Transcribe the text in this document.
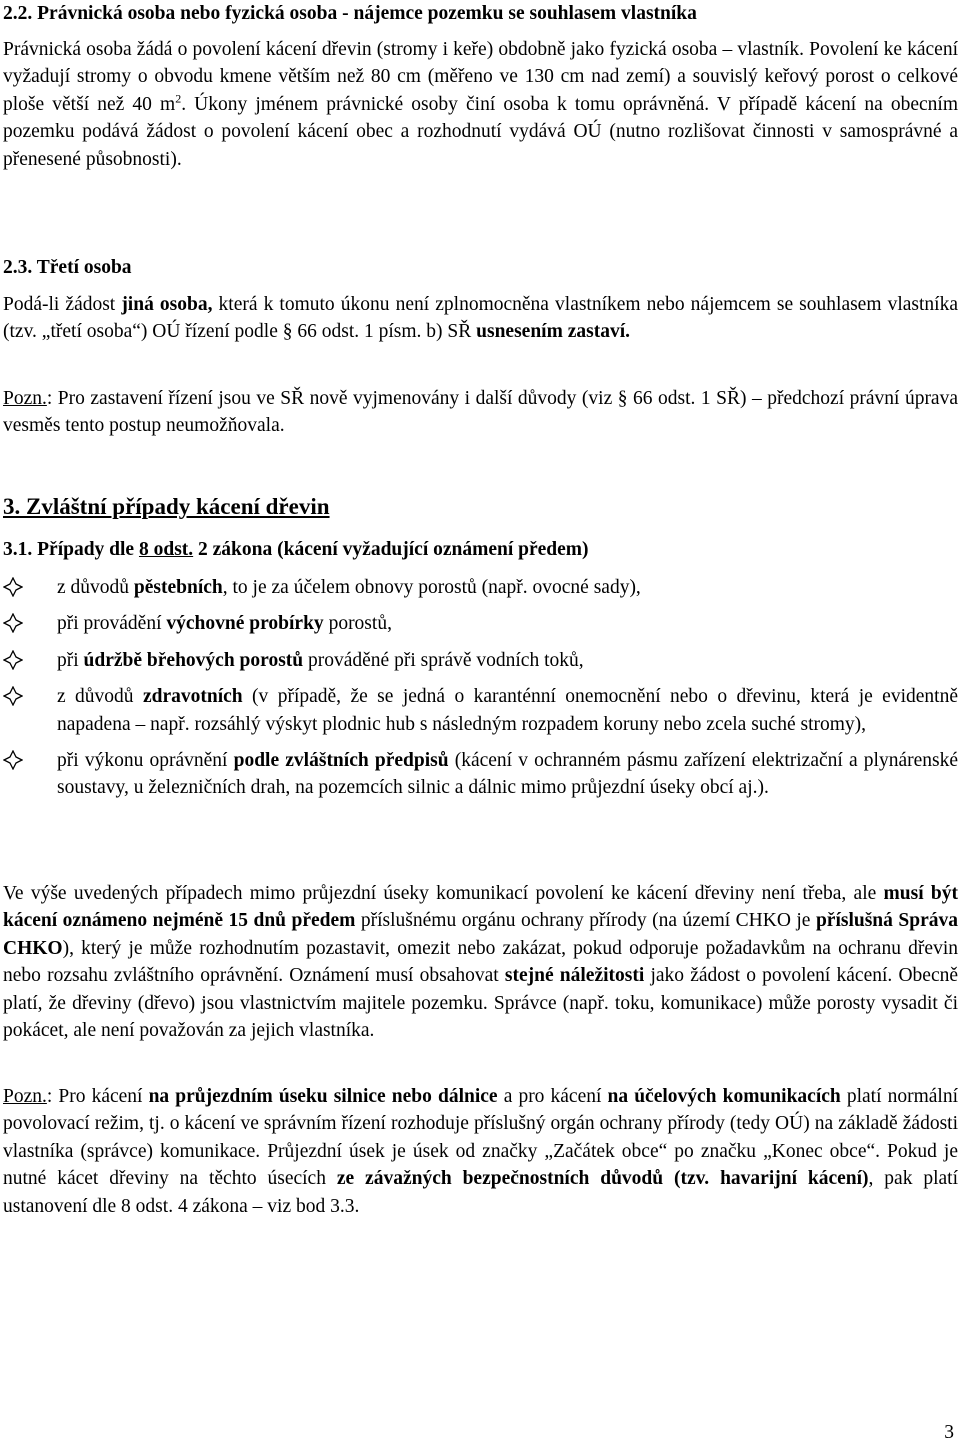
2.2. Právnická osoba nebo fyzická osoba - nájemce pozemku se souhlasem vlastníka

Právnická osoba žádá o povolení kácení dřevin (stromy i keře) obdobně jako fyzická osoba – vlastník. Povolení ke kácení vyžadují stromy o obvodu kmene větším než 80 cm (měřeno ve 130 cm nad zemí) a souvislý keřový porost o celkové ploše větší než 40 $m^2$. Úkony jménem právnické osoby činí osoba k tomu oprávněná. V případě kácení na obecním pozemku podává žádost o povolení kácení obec a rozhodnutí vydává OÚ (nutno rozlišovat činnosti v samosprávné a přenesené působnosti).

2.3. Třetí osoba

Podá-li žádost jiná osoba, která k tomuto úkonu není zplnomocněna vlastníkem nebo nájemcem se souhlasem vlastníka (tzv. „třetí osoba“) OÚ řízení podle § 66 odst. 1 písm. b) SŘ usnesením zastaví.

Pozn.: Pro zastavení řízení jsou ve SŘ nově vyjmenovány i další důvody (viz § 66 odst. 1 SŘ) – předchozí právní úprava vesměs tento postup neumožňovala.

3. Zvláštní případy kácení dřevin
3.1. Případy dle 8 odst. 2 zákona (kácení vyžadující oznámení předem)
z důvodů pěstebních, to je za účelem obnovy porostů (např. ovocné sady),
při provádění výchovné probírky porostů,
při údržbě břehových porostů prováděné při správě vodních toků,
z důvodů zdravotních (v případě, že se jedná o karanténní onemocnění nebo o dřevinu, která je evidentně napadena – např. rozsáhlý výskyt plodnic hub s následným rozpadem koruny nebo zcela suché stromy),
při výkonu oprávnění podle zvláštních předpisů (kácení v ochranném pásmu zařízení elektrizační a plynárenské soustavy, u železničních drah, na pozemcích silnic a dálnic mimo průjezdní úseky obcí aj.).

Ve výše uvedených případech mimo průjezdní úseky komunikací povolení ke kácení dřeviny není třeba, ale musí být kácení oznámeno nejméně 15 dnů předem příslušnému orgánu ochrany přírody (na území CHKO je příslušná Správa CHKO), který je může rozhodnutím pozastavit, omezit nebo zakázat, pokud odporuje požadavkům na ochranu dřevin nebo rozsahu zvláštního oprávnění. Oznámení musí obsahovat stejné náležitosti jako žádost o povolení kácení. Obecně platí, že dřeviny (dřevo) jsou vlastnictvím majitele pozemku. Správce (např. toku, komunikace) může porosty vysadit či pokácet, ale není považován za jejich vlastníka.

Pozn.: Pro kácení na průjezdním úseku silnice nebo dálnice a pro kácení na účelových komunikacích platí normální povolovací režim, tj. o kácení ve správním řízení rozhoduje příslušný orgán ochrany přírody (tedy OÚ) na základě žádosti vlastníka (správce) komunikace. Průjezdní úsek je úsek od značky „Začátek obce“ po značku „Konec obce“. Pokud je nutné kácet dřeviny na těchto úsecích ze závažných bezpečnostních důvodů (tzv. havarijní kácení), pak platí ustanovení dle 8 odst. 4 zákona – viz bod 3.3.

3
